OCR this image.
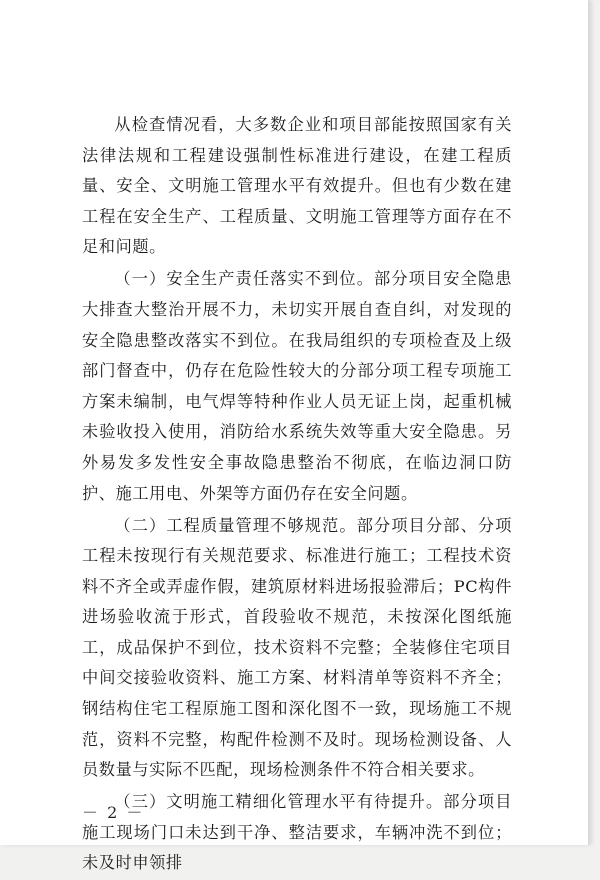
从检查情况看，大多数企业和项目部能按照国家有关法律法规和工程建设强制性标准进行建设，在建工程质量、安全、文明施工管理水平有效提升。但也有少数在建工程在安全生产、工程质量、文明施工管理等方面存在不足和问题。

（一）安全生产责任落实不到位。部分项目安全隐患大排查大整治开展不力，未切实开展自查自纠，对发现的安全隐患整改落实不到位。在我局组织的专项检查及上级部门督查中，仍存在危险性较大的分部分项工程专项施工方案未编制，电气焊等特种作业人员无证上岗，起重机械未验收投入使用，消防给水系统失效等重大安全隐患。另外易发多发性安全事故隐患整治不彻底，在临边洞口防护、施工用电、外架等方面仍存在安全问题。

（二）工程质量管理不够规范。部分项目分部、分项工程未按现行有关规范要求、标准进行施工；工程技术资料不齐全或弄虚作假，建筑原材料进场报验滞后；PC构件进场验收流于形式，首段验收不规范，未按深化图纸施工，成品保护不到位，技术资料不完整；全装修住宅项目中间交接验收资料、施工方案、材料清单等资料不齐全；钢结构住宅工程原施工图和深化图不一致，现场施工不规范，资料不完整，构配件检测不及时。现场检测设备、人员数量与实际不匹配，现场检测条件不符合相关要求。

（三）文明施工精细化管理水平有待提升。部分项目施工现场门口未达到干净、整洁要求，车辆冲洗不到位；未及时申领排

－ 2 －
